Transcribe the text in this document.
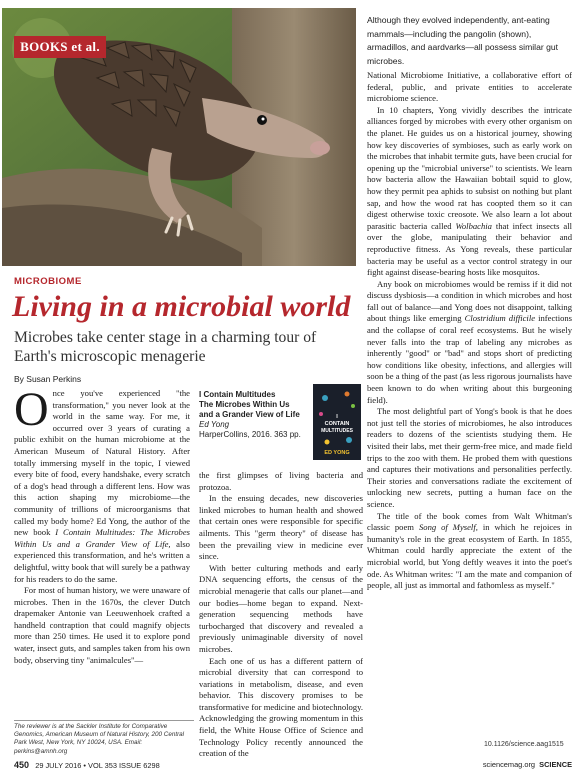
BOOKS et al.
Although they evolved independently, ant-eating mammals—including the pangolin (shown), armadillos, and aardvarks—all possess similar gut microbes.
MICROBIOME
Living in a microbial world
Microbes take center stage in a charming tour of Earth's microscopic menagerie
By Susan Perkins

Once you've experienced "the transformation," you never look at the world in the same way. For me, it occurred over 3 years of curating a public exhibit on the human microbiome at the American Museum of Natural History. After totally immersing myself in the topic, I viewed every bite of food, every handshake, every scratch of a dog's head through a different lens. How was this action shaping my microbiome—the community of trillions of microorganisms that called my body home? Ed Yong, the author of the new book I Contain Multitudes: The Microbes Within Us and a Grander View of Life, also experienced this transformation, and he's written a delightful, witty book that will surely be a pathway for his readers to do the same.

For most of human history, we were unaware of microbes. Then in the 1670s, the clever Dutch drapemaker Antonie van Leeuwenhoek crafted a handheld contraption that could magnify objects more than 250 times. He used it to explore pond water, insect guts, and samples taken from his own body, observing tiny "animalcules"—

I Contain Multitudes
The Microbes Within Us
and a Grander View of Life
Ed Yong
HarperCollins, 2016. 363 pp.
I
CONTAIN
MULTITUDES
ED YONG

the first glimpses of living bacteria and protozoa.

In the ensuing decades, new discoveries linked microbes to human health and showed that certain ones were responsible for specific ailments. This "germ theory" of disease has been the prevailing view in medicine ever since.

With better culturing methods and early DNA sequencing efforts, the census of the microbial menagerie that calls our planet—and our bodies—home began to expand. Next-generation sequencing methods have turbocharged that discovery and revealed a previously unimaginable diversity of novel microbes.

Each one of us has a different pattern of microbial diversity that can correspond to variations in metabolism, disease, and even behavior. This discovery promises to be transformative for medicine and biotechnology. Acknowledging the growing momentum in this field, the White House Office of Science and Technology Policy recently announced the creation of the

National Microbiome Initiative, a collaborative effort of federal, public, and private entities to accelerate microbiome science.

In 10 chapters, Yong vividly describes the intricate alliances forged by microbes with every other organism on the planet. He guides us on a historical journey, showing how key discoveries of symbioses, such as early work on the microbes that inhabit termite guts, have been crucial for opening up the "microbial universe" to scientists. We learn how bacteria allow the Hawaiian bobtail squid to glow, how they permit pea aphids to subsist on nothing but plant sap, and how the wood rat has coopted them so it can digest otherwise toxic creosote. We also learn a lot about parasitic bacteria called Wolbachia that infect insects all over the globe, manipulating their behavior and reproductive fitness. As Yong reveals, these particular bacteria may be useful as a vector control strategy in our fight against disease-bearing hosts like mosquitos.

Any book on microbiomes would be remiss if it did not discuss dysbiosis—a condition in which microbes and host fall out of balance—and Yong does not disappoint, talking about things like emerging Clostridium difficile infections and the collapse of coral reef ecosystems. But he wisely never falls into the trap of labeling any microbes as inherently "good" or "bad" and stops short of predicting how conditions like obesity, infections, and allergies will soon be a thing of the past (as less rigorous journalists have been known to do when writing about this burgeoning field).

The most delightful part of Yong's book is that he does not just tell the stories of microbiomes, he also introduces readers to dozens of the scientists studying them. He visited their labs, met their germ-free mice, and made field trips to the zoo with them. He probed them with questions and captures their motivations and personalities perfectly. Their stories and conversations radiate the excitement of unlocking new secrets, putting a human face on the science.

The title of the book comes from Walt Whitman's classic poem Song of Myself, in which he rejoices in humanity's role in the great ecosystem of Earth. In 1855, Whitman could hardly appreciate the extent of the microbial world, but Yong deftly weaves it into the poet's ode. As Whitman writes: "I am the mate and companion of people, all just as immortal and fathomless as myself."

The reviewer is at the Sackler Institute for Comparative Genomics, American Museum of Natural History, 200 Central Park West, New York, NY 10024, USA. Email: perkins@amnh.org
10.1126/science.aag1515
450 29 JULY 2016 • VOL 353 ISSUE 6298	sciencemag.org SCIENCE
